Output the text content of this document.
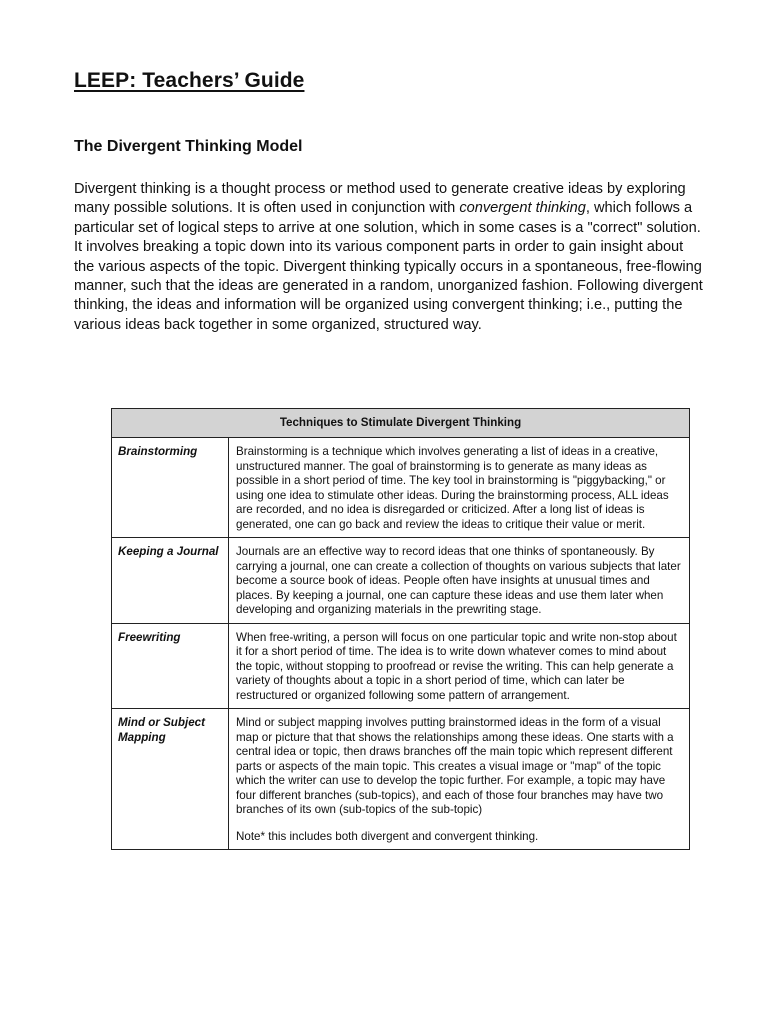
LEEP: Teachers’ Guide
The Divergent Thinking Model

Divergent thinking is a thought process or method used to generate creative ideas by exploring many possible solutions. It is often used in conjunction with convergent thinking, which follows a particular set of logical steps to arrive at one solution, which in some cases is a "correct" solution. It involves breaking a topic down into its various component parts in order to gain insight about the various aspects of the topic. Divergent thinking typically occurs in a spontaneous, free-flowing manner, such that the ideas are generated in a random, unorganized fashion. Following divergent thinking, the ideas and information will be organized using convergent thinking; i.e., putting the various ideas back together in some organized, structured way.

Techniques to Stimulate Divergent Thinking	
Brainstorming	Brainstorming is a technique which involves generating a list of ideas in a creative, unstructured manner. The goal of brainstorming is to generate as many ideas as possible in a short period of time. The key tool in brainstorming is "piggybacking," or using one idea to stimulate other ideas. During the brainstorming process, ALL ideas are recorded, and no idea is disregarded or criticized. After a long list of ideas is generated, one can go back and review the ideas to critique their value or merit.
Keeping a Journal	Journals are an effective way to record ideas that one thinks of spontaneously. By carrying a journal, one can create a collection of thoughts on various subjects that later become a source book of ideas. People often have insights at unusual times and places. By keeping a journal, one can capture these ideas and use them later when developing and organizing materials in the prewriting stage.
Freewriting	When free-writing, a person will focus on one particular topic and write non-stop about it for a short period of time. The idea is to write down whatever comes to mind about the topic, without stopping to proofread or revise the writing. This can help generate a variety of thoughts about a topic in a short period of time, which can later be restructured or organized following some pattern of arrangement.
Mind or Subject Mapping	Mind or subject mapping involves putting brainstormed ideas in the form of a visual map or picture that that shows the relationships among these ideas. One starts with a central idea or topic, then draws branches off the main topic which represent different parts or aspects of the main topic. This creates a visual image or "map" of the topic which the writer can use to develop the topic further. For example, a topic may have four different branches (sub-topics), and each of those four branches may have two branches of its own (sub-topics of the sub-topic)
Note* this includes both divergent and convergent thinking.
